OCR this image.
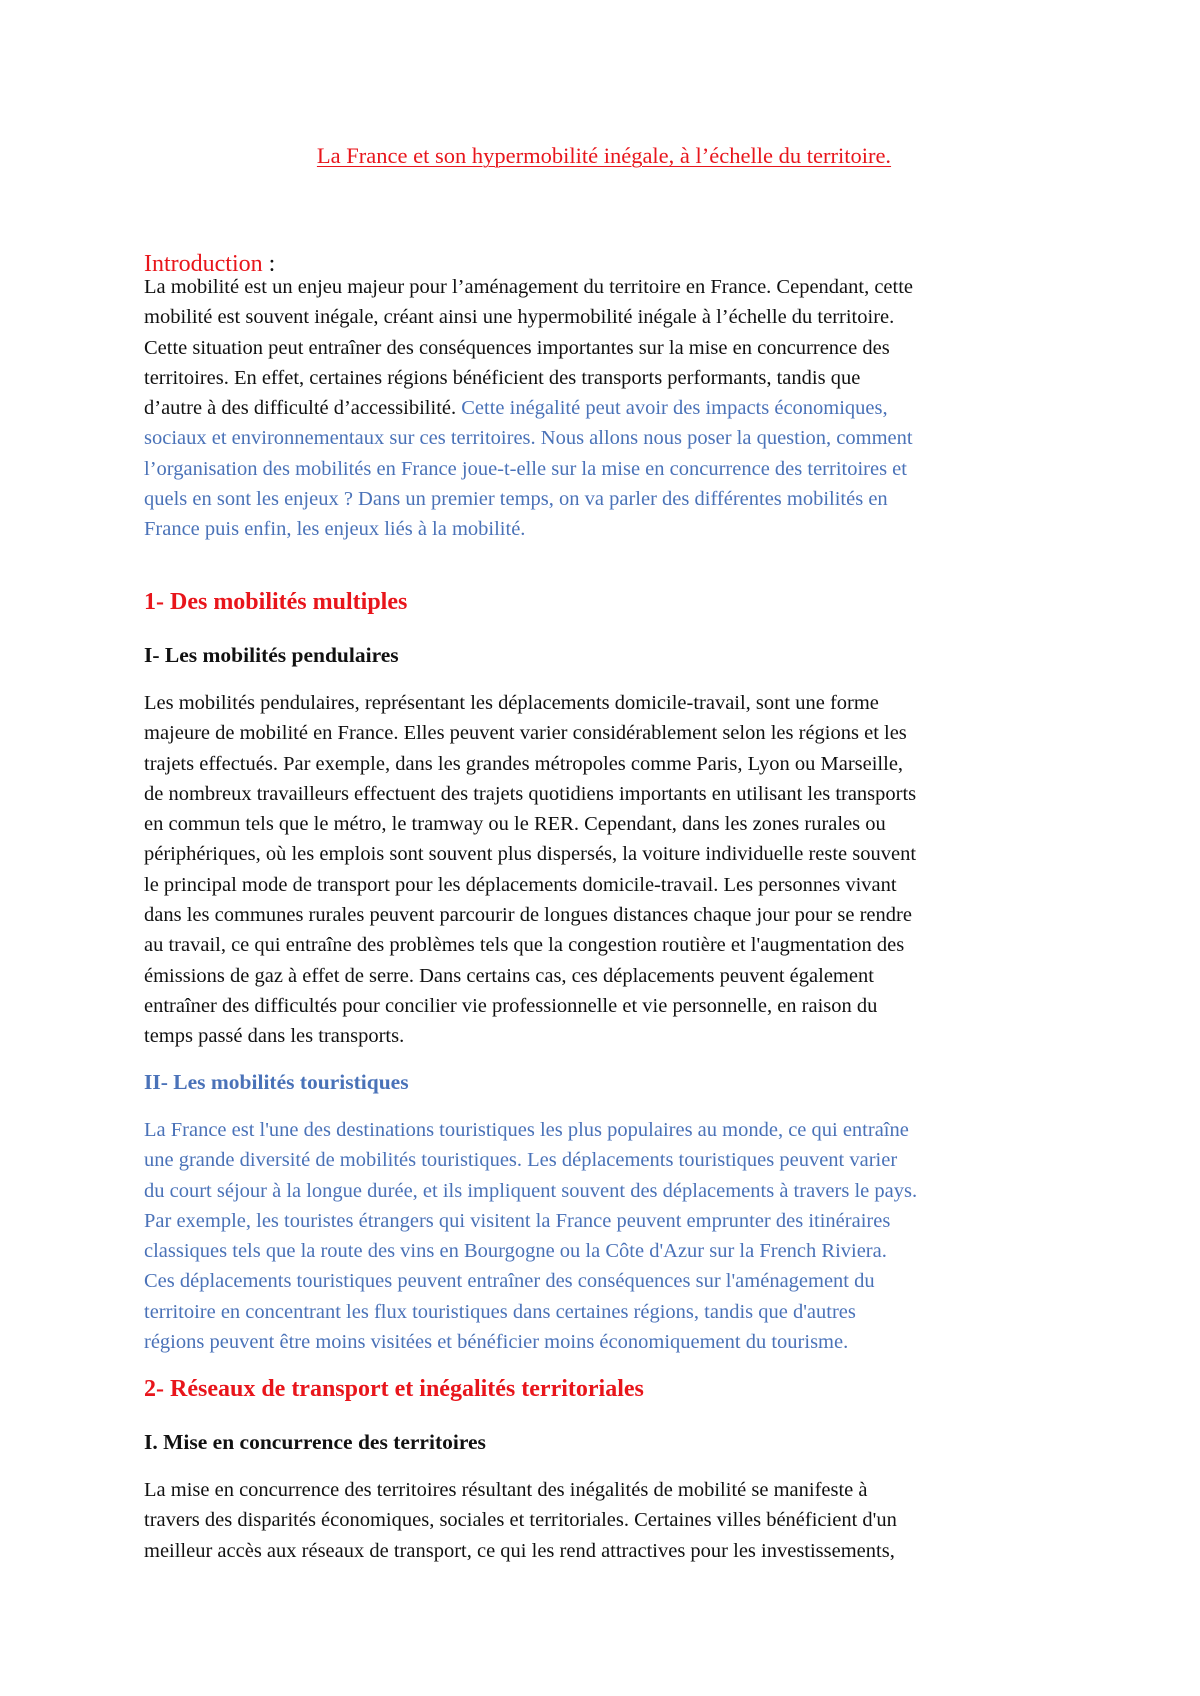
La France et son hypermobilité inégale, à l’échelle du territoire.
Introduction :
La mobilité est un enjeu majeur pour l’aménagement du territoire en France. Cependant, cette
mobilité est souvent inégale, créant ainsi une hypermobilité inégale à l’échelle du territoire.
Cette situation peut entraîner des conséquences importantes sur la mise en concurrence des
territoires. En effet, certaines régions bénéficient des transports performants, tandis que
d’autre à des difficulté d’accessibilité. Cette inégalité peut avoir des impacts économiques,
sociaux et environnementaux sur ces territoires. Nous allons nous poser la question, comment
l’organisation des mobilités en France joue-t-elle sur la mise en concurrence des territoires et
quels en sont les enjeux ? Dans un premier temps, on va parler des différentes mobilités en
France puis enfin, les enjeux liés à la mobilité.
1- Des mobilités multiples
I- Les mobilités pendulaires
Les mobilités pendulaires, représentant les déplacements domicile-travail, sont une forme
majeure de mobilité en France. Elles peuvent varier considérablement selon les régions et les
trajets effectués. Par exemple, dans les grandes métropoles comme Paris, Lyon ou Marseille,
de nombreux travailleurs effectuent des trajets quotidiens importants en utilisant les transports
en commun tels que le métro, le tramway ou le RER. Cependant, dans les zones rurales ou
périphériques, où les emplois sont souvent plus dispersés, la voiture individuelle reste souvent
le principal mode de transport pour les déplacements domicile-travail. Les personnes vivant
dans les communes rurales peuvent parcourir de longues distances chaque jour pour se rendre
au travail, ce qui entraîne des problèmes tels que la congestion routière et l'augmentation des
émissions de gaz à effet de serre. Dans certains cas, ces déplacements peuvent également
entraîner des difficultés pour concilier vie professionnelle et vie personnelle, en raison du
temps passé dans les transports.
II- Les mobilités touristiques
La France est l'une des destinations touristiques les plus populaires au monde, ce qui entraîne
une grande diversité de mobilités touristiques. Les déplacements touristiques peuvent varier
du court séjour à la longue durée, et ils impliquent souvent des déplacements à travers le pays.
Par exemple, les touristes étrangers qui visitent la France peuvent emprunter des itinéraires
classiques tels que la route des vins en Bourgogne ou la Côte d'Azur sur la French Riviera.
Ces déplacements touristiques peuvent entraîner des conséquences sur l'aménagement du
territoire en concentrant les flux touristiques dans certaines régions, tandis que d'autres
régions peuvent être moins visitées et bénéficier moins économiquement du tourisme.
2- Réseaux de transport et inégalités territoriales
I. Mise en concurrence des territoires
La mise en concurrence des territoires résultant des inégalités de mobilité se manifeste à
travers des disparités économiques, sociales et territoriales. Certaines villes bénéficient d'un
meilleur accès aux réseaux de transport, ce qui les rend attractives pour les investissements,
